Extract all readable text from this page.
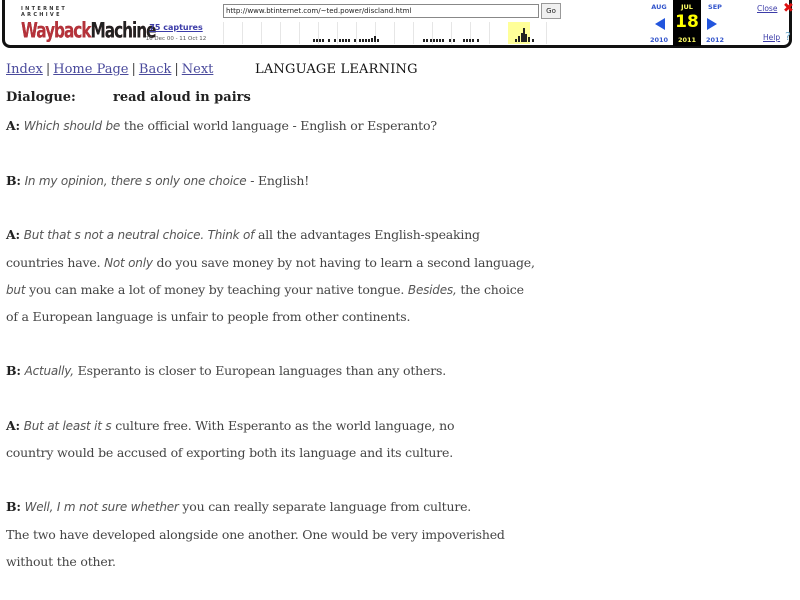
INTERNET ARCHIVE
WaybackMachine
75 captures
16 Dec 00 - 11 Oct 12
http://www.btinternet.com/~ted.power/discland.html	Go	AUG
2010
JUL
18
2011
SEP
2012
Close ✖
Help ?
Index | Home Page | Back | Next	LANGUAGE LEARNING
Dialogue:	read aloud in pairs
A: Which should be the official world language - English or Esperanto?
B: In my opinion, there s only one choice - English!
A: But that s not a neutral choice. Think of all the advantages English-speaking
countries have. Not only do you save money by not having to learn a second language,
but you can make a lot of money by teaching your native tongue. Besides, the choice
of a European language is unfair to people from other continents.
B: Actually, Esperanto is closer to European languages than any others.
A: But at least it s culture free. With Esperanto as the world language, no
country would be accused of exporting both its language and its culture.
B: Well, I m not sure whether you can really separate language from culture.
The two have developed alongside one another. One would be very impoverished
without the other.
